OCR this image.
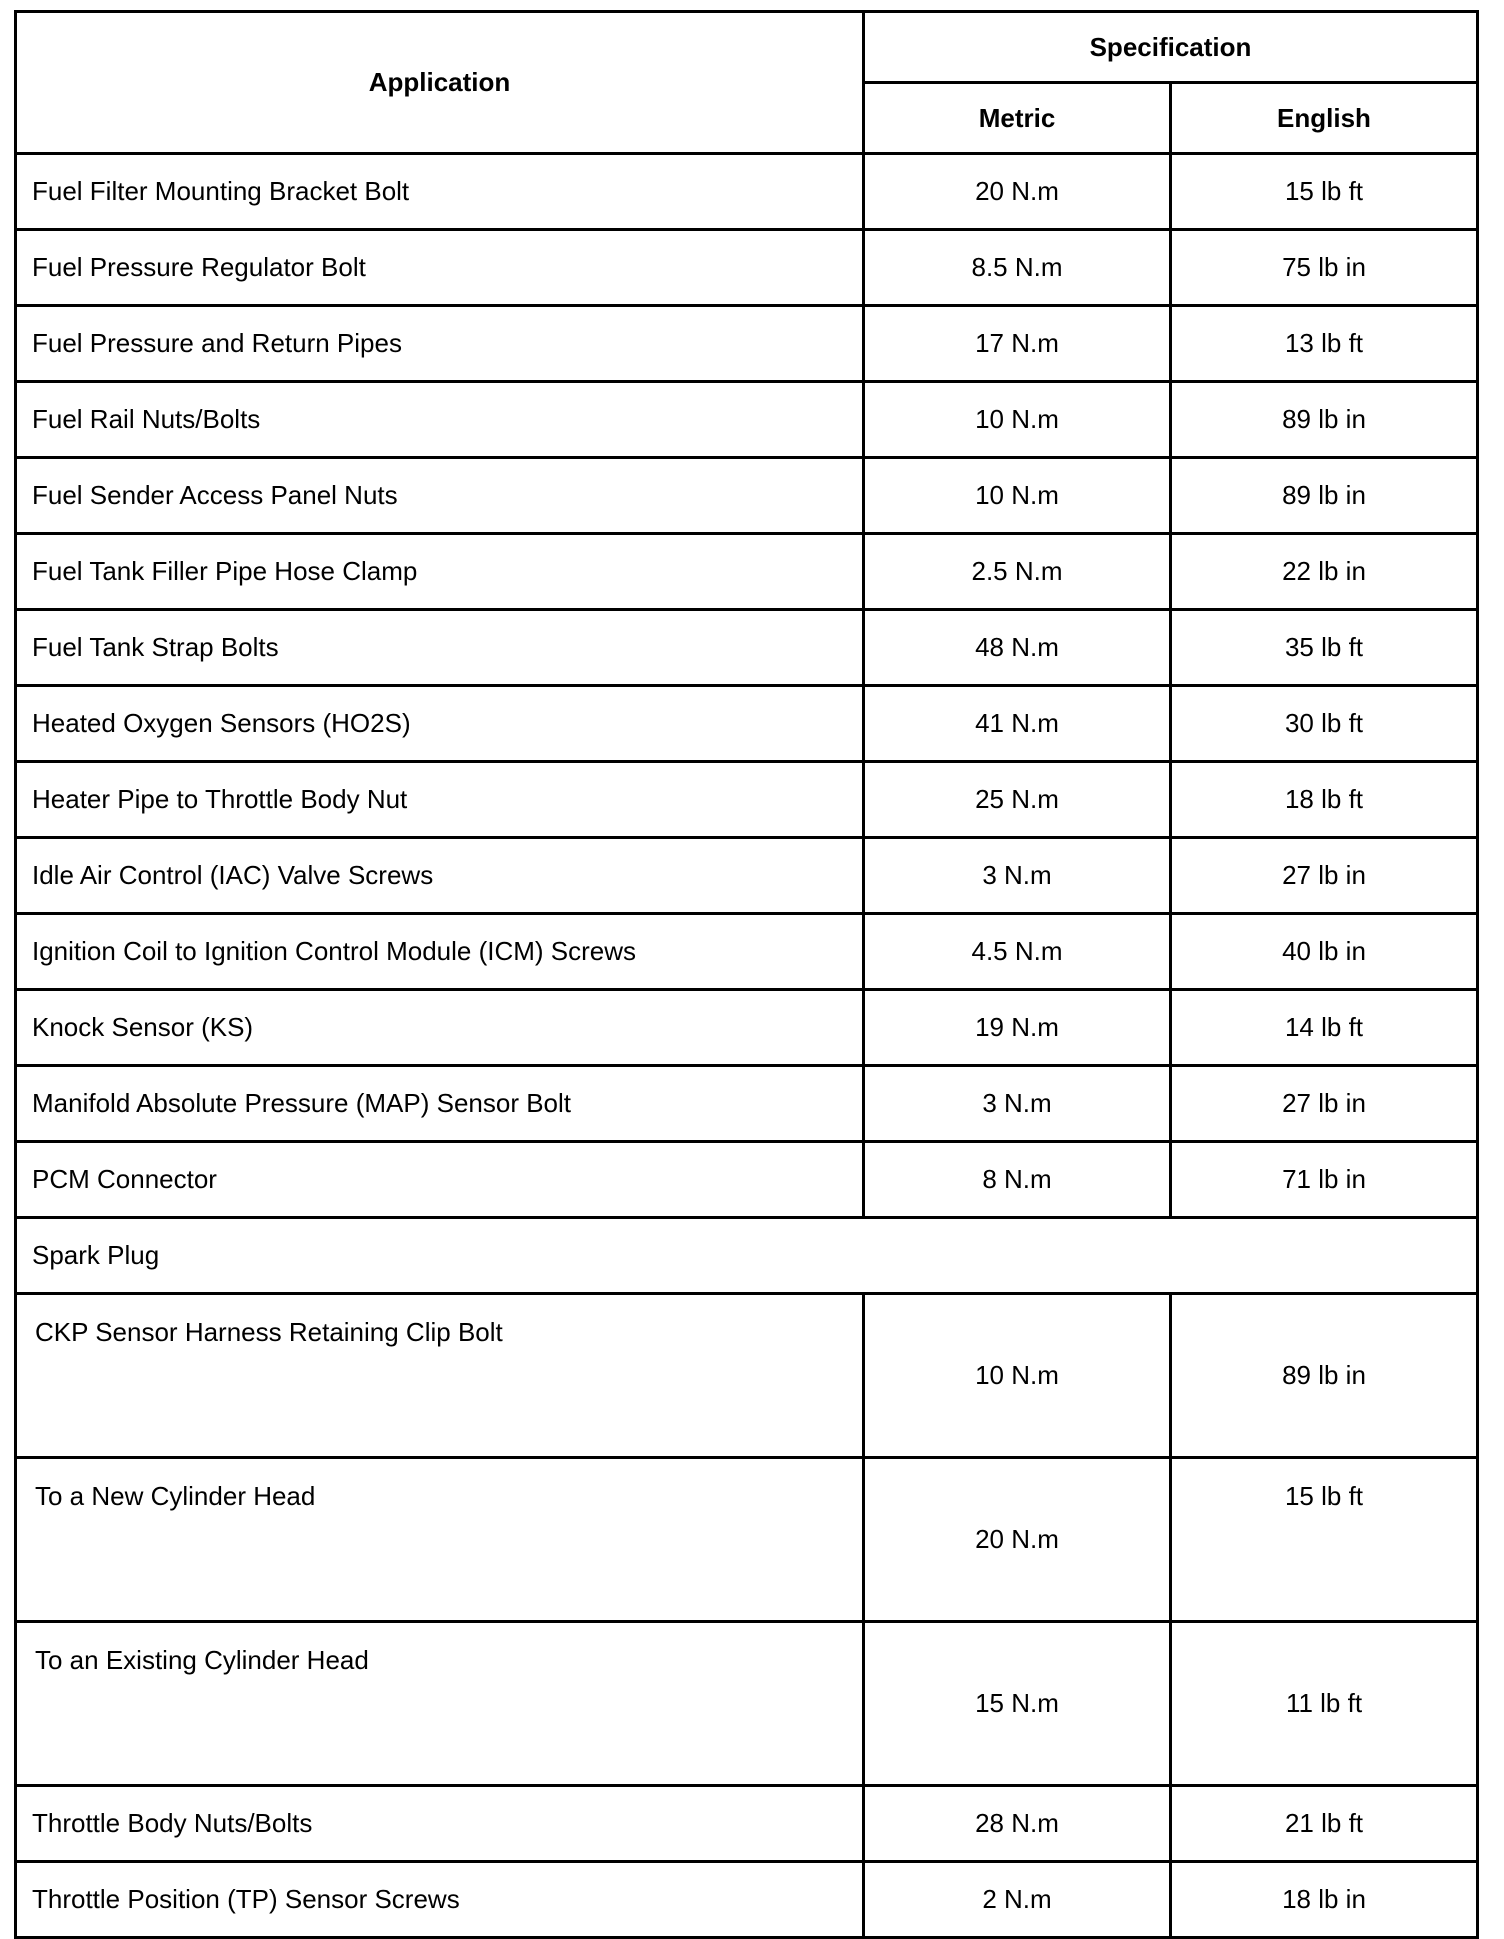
Application	Specification	
	Metric	English
Fuel Filter Mounting Bracket Bolt	20 N.m	15 lb ft
Fuel Pressure Regulator Bolt	8.5 N.m	75 lb in
Fuel Pressure and Return Pipes	17 N.m	13 lb ft
Fuel Rail Nuts/Bolts	10 N.m	89 lb in
Fuel Sender Access Panel Nuts	10 N.m	89 lb in
Fuel Tank Filler Pipe Hose Clamp	2.5 N.m	22 lb in
Fuel Tank Strap Bolts	48 N.m	35 lb ft
Heated Oxygen Sensors (HO2S)	41 N.m	30 lb ft
Heater Pipe to Throttle Body Nut	25 N.m	18 lb ft
Idle Air Control (IAC) Valve Screws	3 N.m	27 lb in
Ignition Coil to Ignition Control Module (ICM) Screws	4.5 N.m	40 lb in
Knock Sensor (KS)	19 N.m	14 lb ft
Manifold Absolute Pressure (MAP) Sensor Bolt	3 N.m	27 lb in
PCM Connector	8 N.m	71 lb in
Spark Plug		
CKP Sensor Harness Retaining Clip Bolt	10 N.m	89 lb in
To a New Cylinder Head	20 N.m	15 lb ft
To an Existing Cylinder Head	15 N.m	11 lb ft
Throttle Body Nuts/Bolts	28 N.m	21 lb ft
Throttle Position (TP) Sensor Screws	2 N.m	18 lb in
